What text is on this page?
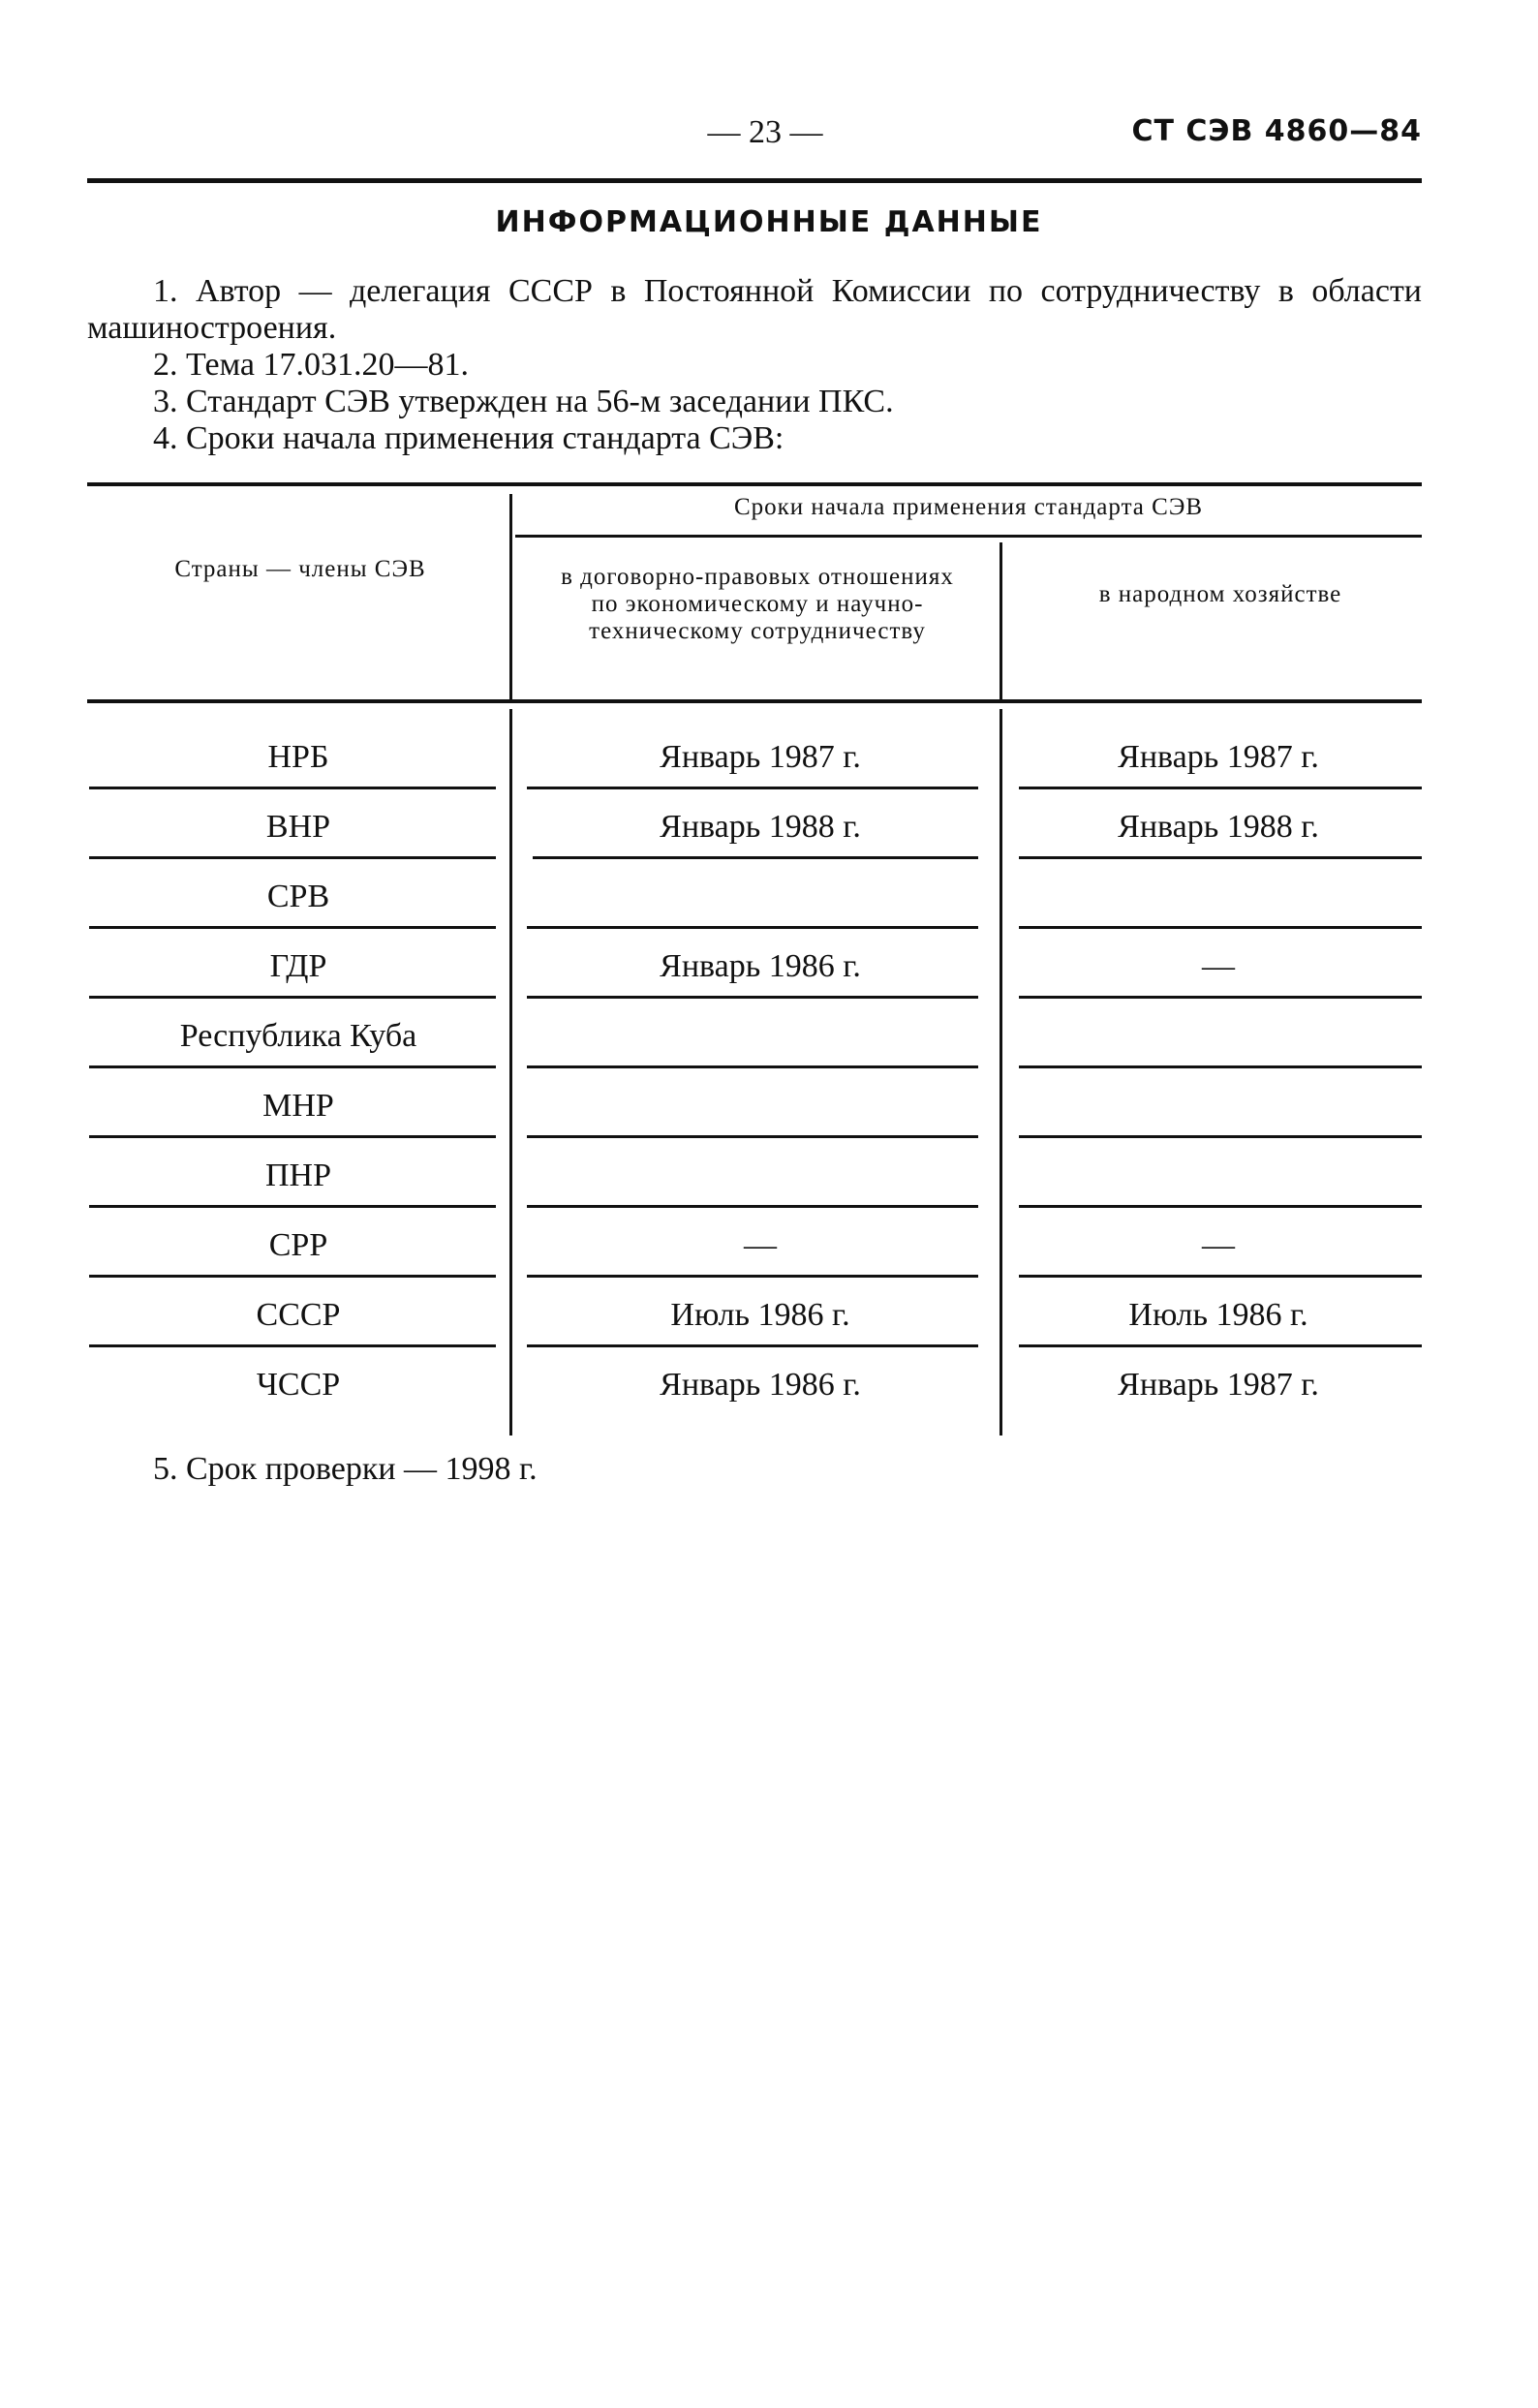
— 23 —	СТ СЭВ 4860—84
ИНФОРМАЦИОННЫЕ ДАННЫЕ

1. Автор — делегация СССР в Постоянной Комиссии по сотрудничеству в области машиностроения.

2. Тема 17.031.20—81.

3. Стандарт СЭВ утвержден на 56-м заседании ПКС.

4. Сроки начала применения стандарта СЭВ:

Сроки начала применения стандарта СЭВ
Страны — члены СЭВ	в договорно-правовых отношениях по экономическому и научно-техническому сотрудничеству
в народном хозяйстве
НРБ	Январь 1987 г.	Январь 1987 г.
ВНР	Январь 1988 г.	Январь 1988 г.
СРВ
ГДР	Январь 1986 г.	—
Республика Куба
МНР
ПНР
СРР	—	—
СССР	Июль 1986 г.	Июль 1986 г.
ЧССР	Январь 1986 г.	Январь 1987 г.
5. Срок проверки — 1998 г.
